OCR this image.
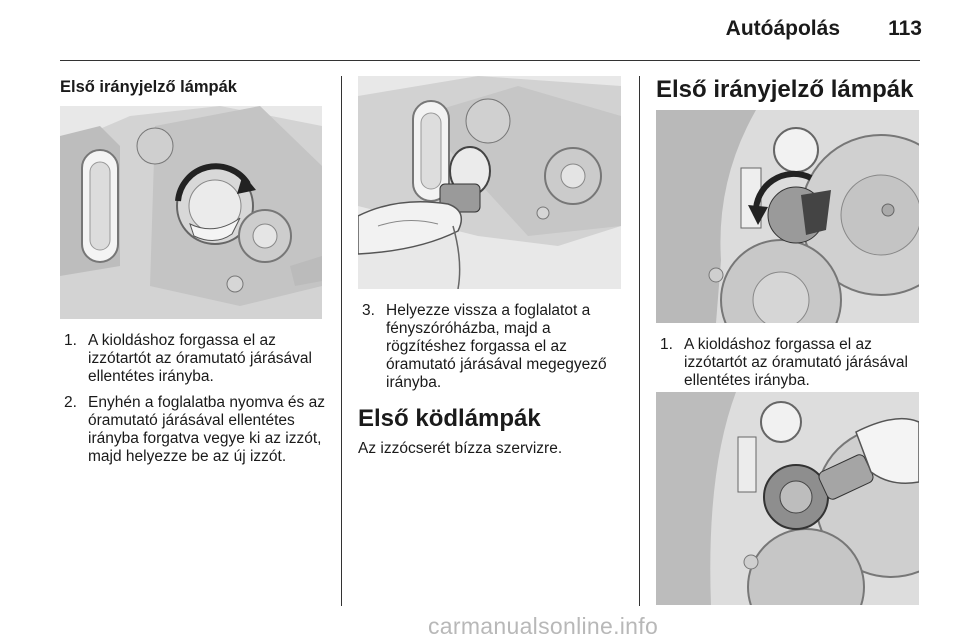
Autóápolás 113
Első irányjelző lámpák
1. A kioldáshoz forgassa el az izzótartót az óramutató járásával ellentétes irányba.
2. Enyhén a foglalatba nyomva és az óramutató járásával ellentétes irányba forgatva vegye ki az izzót, majd helyezze be az új izzót.
3. Helyezze vissza a foglalatot a fényszóróházba, majd a rögzítéshez forgassa el az óramutató járásával megegyező irányba.
Első ködlámpák

Az izzócserét bízza szervizre.

Első irányjelző lámpák
1. A kioldáshoz forgassa el az izzótartót az óramutató járásával ellentétes irányba.
carmanualsonline.info
